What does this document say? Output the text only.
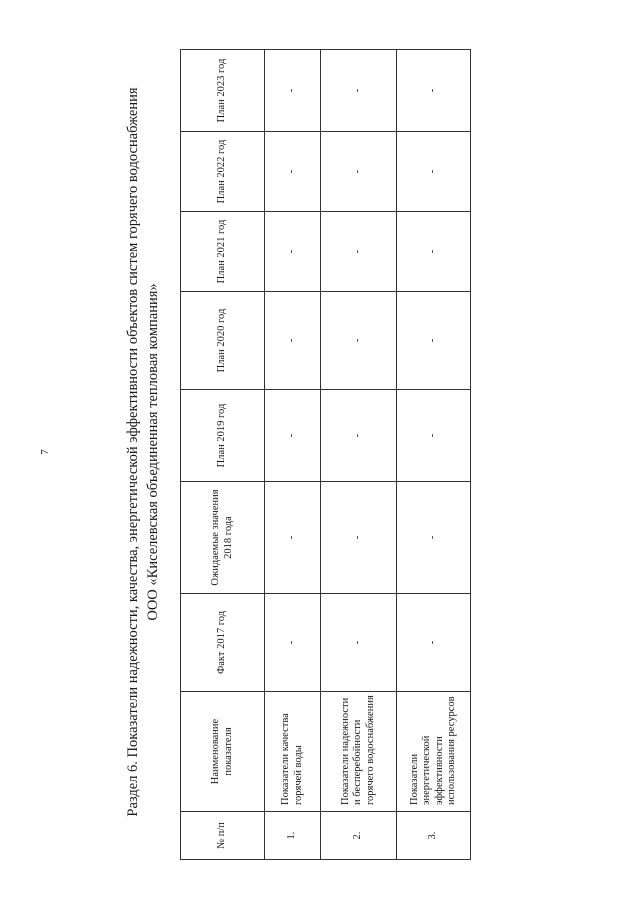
7	Раздел 6. Показатели надежности, качества, энергетической эффективности объектов систем горячего водоснабжения ООО «Киселевская объединенная тепловая компания»
№ п/п	Наименование показателя	Факт 2017 год	Ожидаемые значения 2018 года	План 2019 год	План 2020 год	План 2021 год	План 2022 год	План 2023 год
1.	Показатели качества горячей воды	-	-	-	-	-	-	-
2.	Показатели надежности и бесперебойности горячего водоснабжения	-	-	-	-	-	-	-
3.	Показатели энергетической эффективности использования ресурсов	-	-	-	-	-	-	-
